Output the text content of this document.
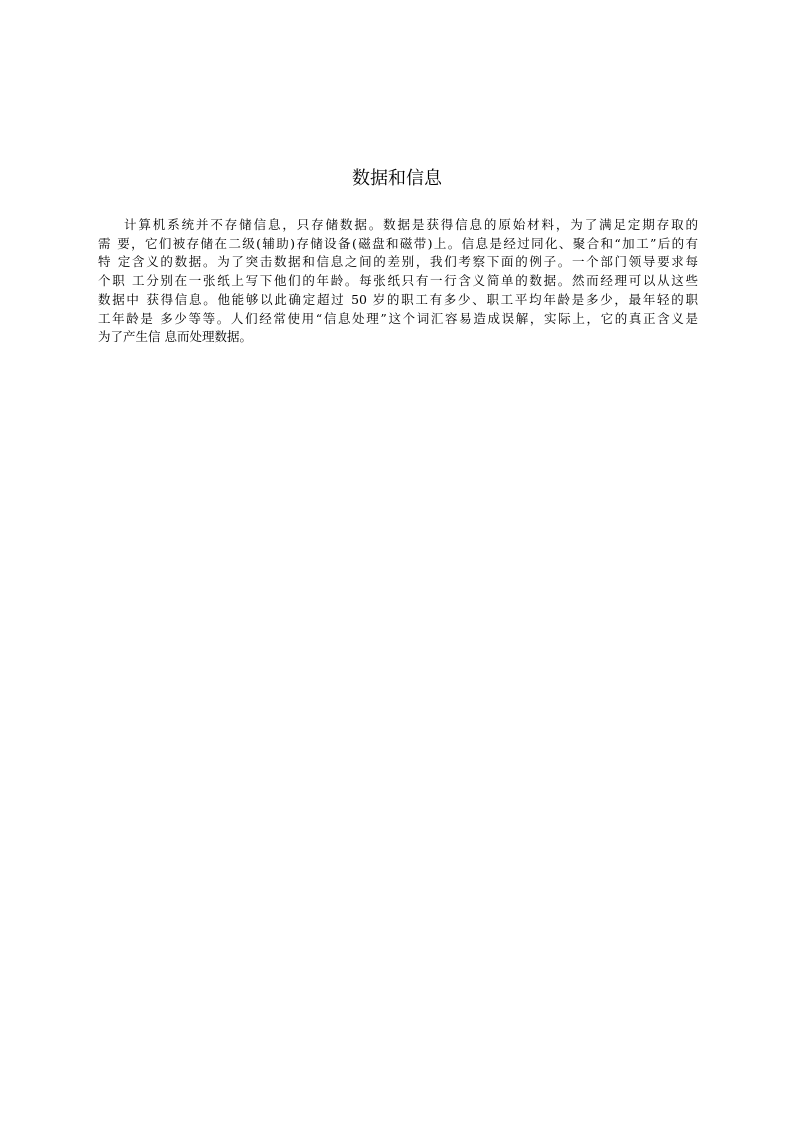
数据和信息
计算机系统并不存储信息，只存储数据。数据是获得信息的原始材料，为了满足定期存取的
需 要，它们被存储在二级(辅助)存储设备(磁盘和磁带)上。信息是经过同化、聚合和“加工”后的有
特 定含义的数据。为了突击数据和信息之间的差别，我们考察下面的例子。一个部门领导要求每
个职 工分别在一张纸上写下他们的年龄。每张纸只有一行含义简单的数据。然而经理可以从这些
数据中 获得信息。他能够以此确定超过 50 岁的职工有多少、职工平均年龄是多少，最年轻的职
工年龄是 多少等等。人们经常使用“信息处理”这个词汇容易造成误解，实际上，它的真正含义是
为了产生信 息而处理数据。
